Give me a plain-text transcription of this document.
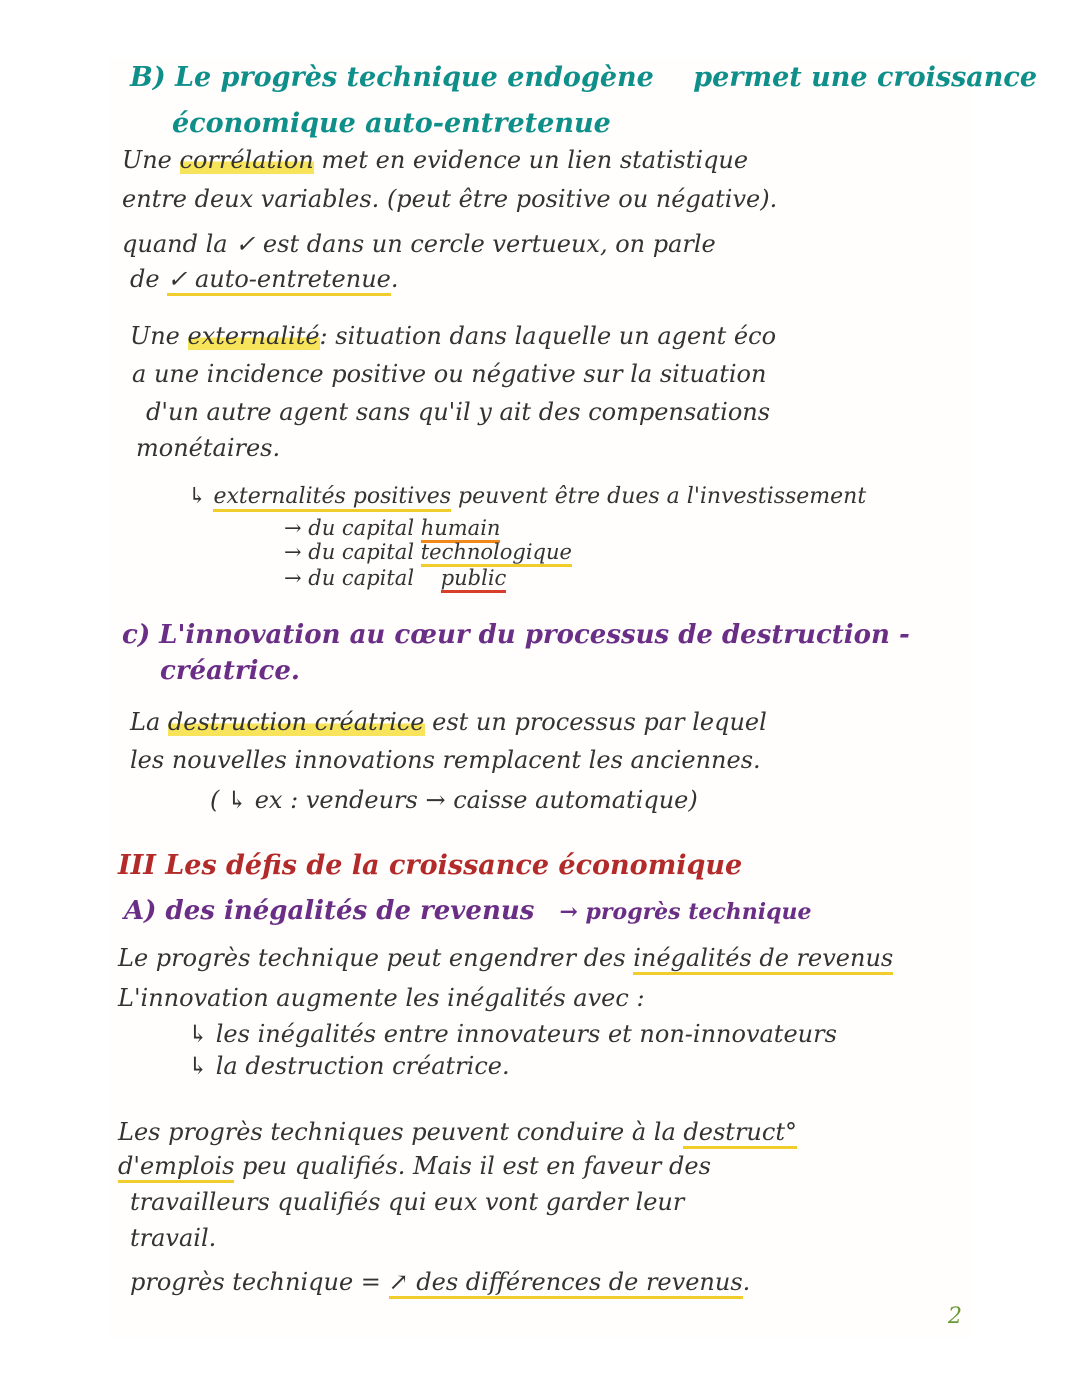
B) Le progrès technique endogène permet une croissance
économique auto-entretenue
Une corrélation met en evidence un lien statistique
entre deux variables. (peut être positive ou négative).
quand la ✓ est dans un cercle vertueux, on parle
de ✓ auto-entretenue.
Une externalité: situation dans laquelle un agent éco
a une incidence positive ou négative sur la situation
d'un autre agent sans qu'il y ait des compensations
monétaires.
↳ externalités positives peuvent être dues a l'investissement
→ du capital humain
→ du capital technologique
→ du capital public
c) L'innovation au cœur du processus de destruction -
créatrice.
La destruction créatrice est un processus par lequel
les nouvelles innovations remplacent les anciennes.
( ↳ ex : vendeurs → caisse automatique)
III Les défis de la croissance économique
A) des inégalités de revenus → progrès technique
Le progrès technique peut engendrer des inégalités de revenus
L'innovation augmente les inégalités avec :
↳ les inégalités entre innovateurs et non-innovateurs
↳ la destruction créatrice.
Les progrès techniques peuvent conduire à la destruct°
d'emplois peu qualifiés. Mais il est en faveur des
travailleurs qualifiés qui eux vont garder leur
travail.
progrès technique = ↗ des différences de revenus.
2
